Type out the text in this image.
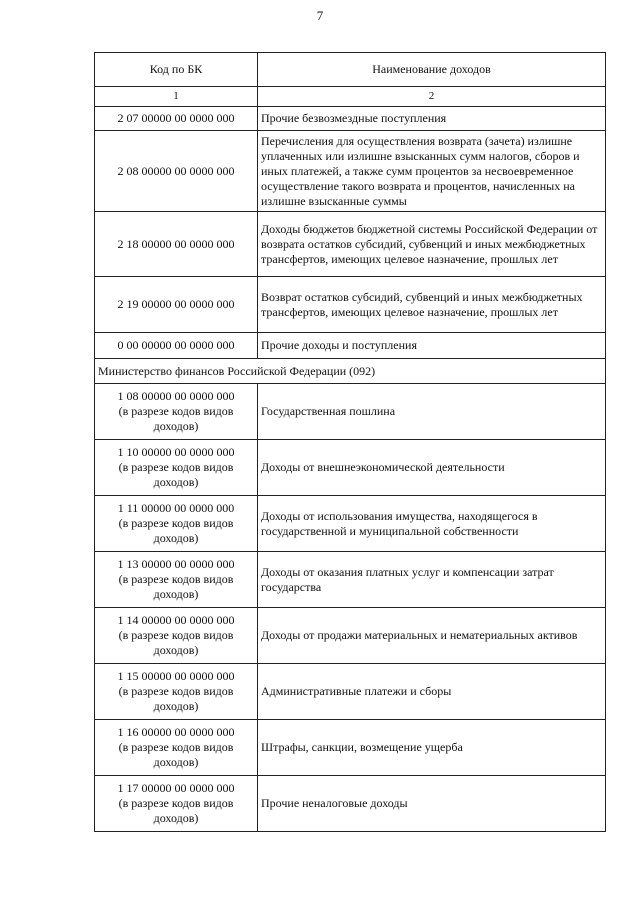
7
Код по БК	Наименование доходов
1	2
2 07 00000 00 0000 000	Прочие безвозмездные поступления
2 08 00000 00 0000 000	Перечисления для осуществления возврата (зачета) излишне уплаченных или излишне взысканных сумм налогов, сборов и иных платежей, а также сумм процентов за несвоевременное осуществление такого возврата и процентов, начисленных на излишне взысканные суммы
2 18 00000 00 0000 000	Доходы бюджетов бюджетной системы Российской Федерации от возврата остатков субсидий, субвенций и иных межбюджетных трансфертов, имеющих целевое назначение, прошлых лет
2 19 00000 00 0000 000	Возврат остатков субсидий, субвенций и иных межбюджетных трансфертов, имеющих целевое назначение, прошлых лет
0 00 00000 00 0000 000	Прочие доходы и поступления
Министерство финансов Российской Федерации (092)	
1 08 00000 00 0000 000
(в разрезе кодов видов
доходов)	Государственная пошлина
1 10 00000 00 0000 000
(в разрезе кодов видов
доходов)	Доходы от внешнеэкономической деятельности
1 11 00000 00 0000 000
(в разрезе кодов видов
доходов)	Доходы от использования имущества, находящегося в государственной и муниципальной собственности
1 13 00000 00 0000 000
(в разрезе кодов видов
доходов)	Доходы от оказания платных услуг и компенсации затрат государства
1 14 00000 00 0000 000
(в разрезе кодов видов
доходов)	Доходы от продажи материальных и нематериальных активов
1 15 00000 00 0000 000
(в разрезе кодов видов
доходов)	Административные платежи и сборы
1 16 00000 00 0000 000
(в разрезе кодов видов
доходов)	Штрафы, санкции, возмещение ущерба
1 17 00000 00 0000 000
(в разрезе кодов видов
доходов)	Прочие неналоговые доходы
